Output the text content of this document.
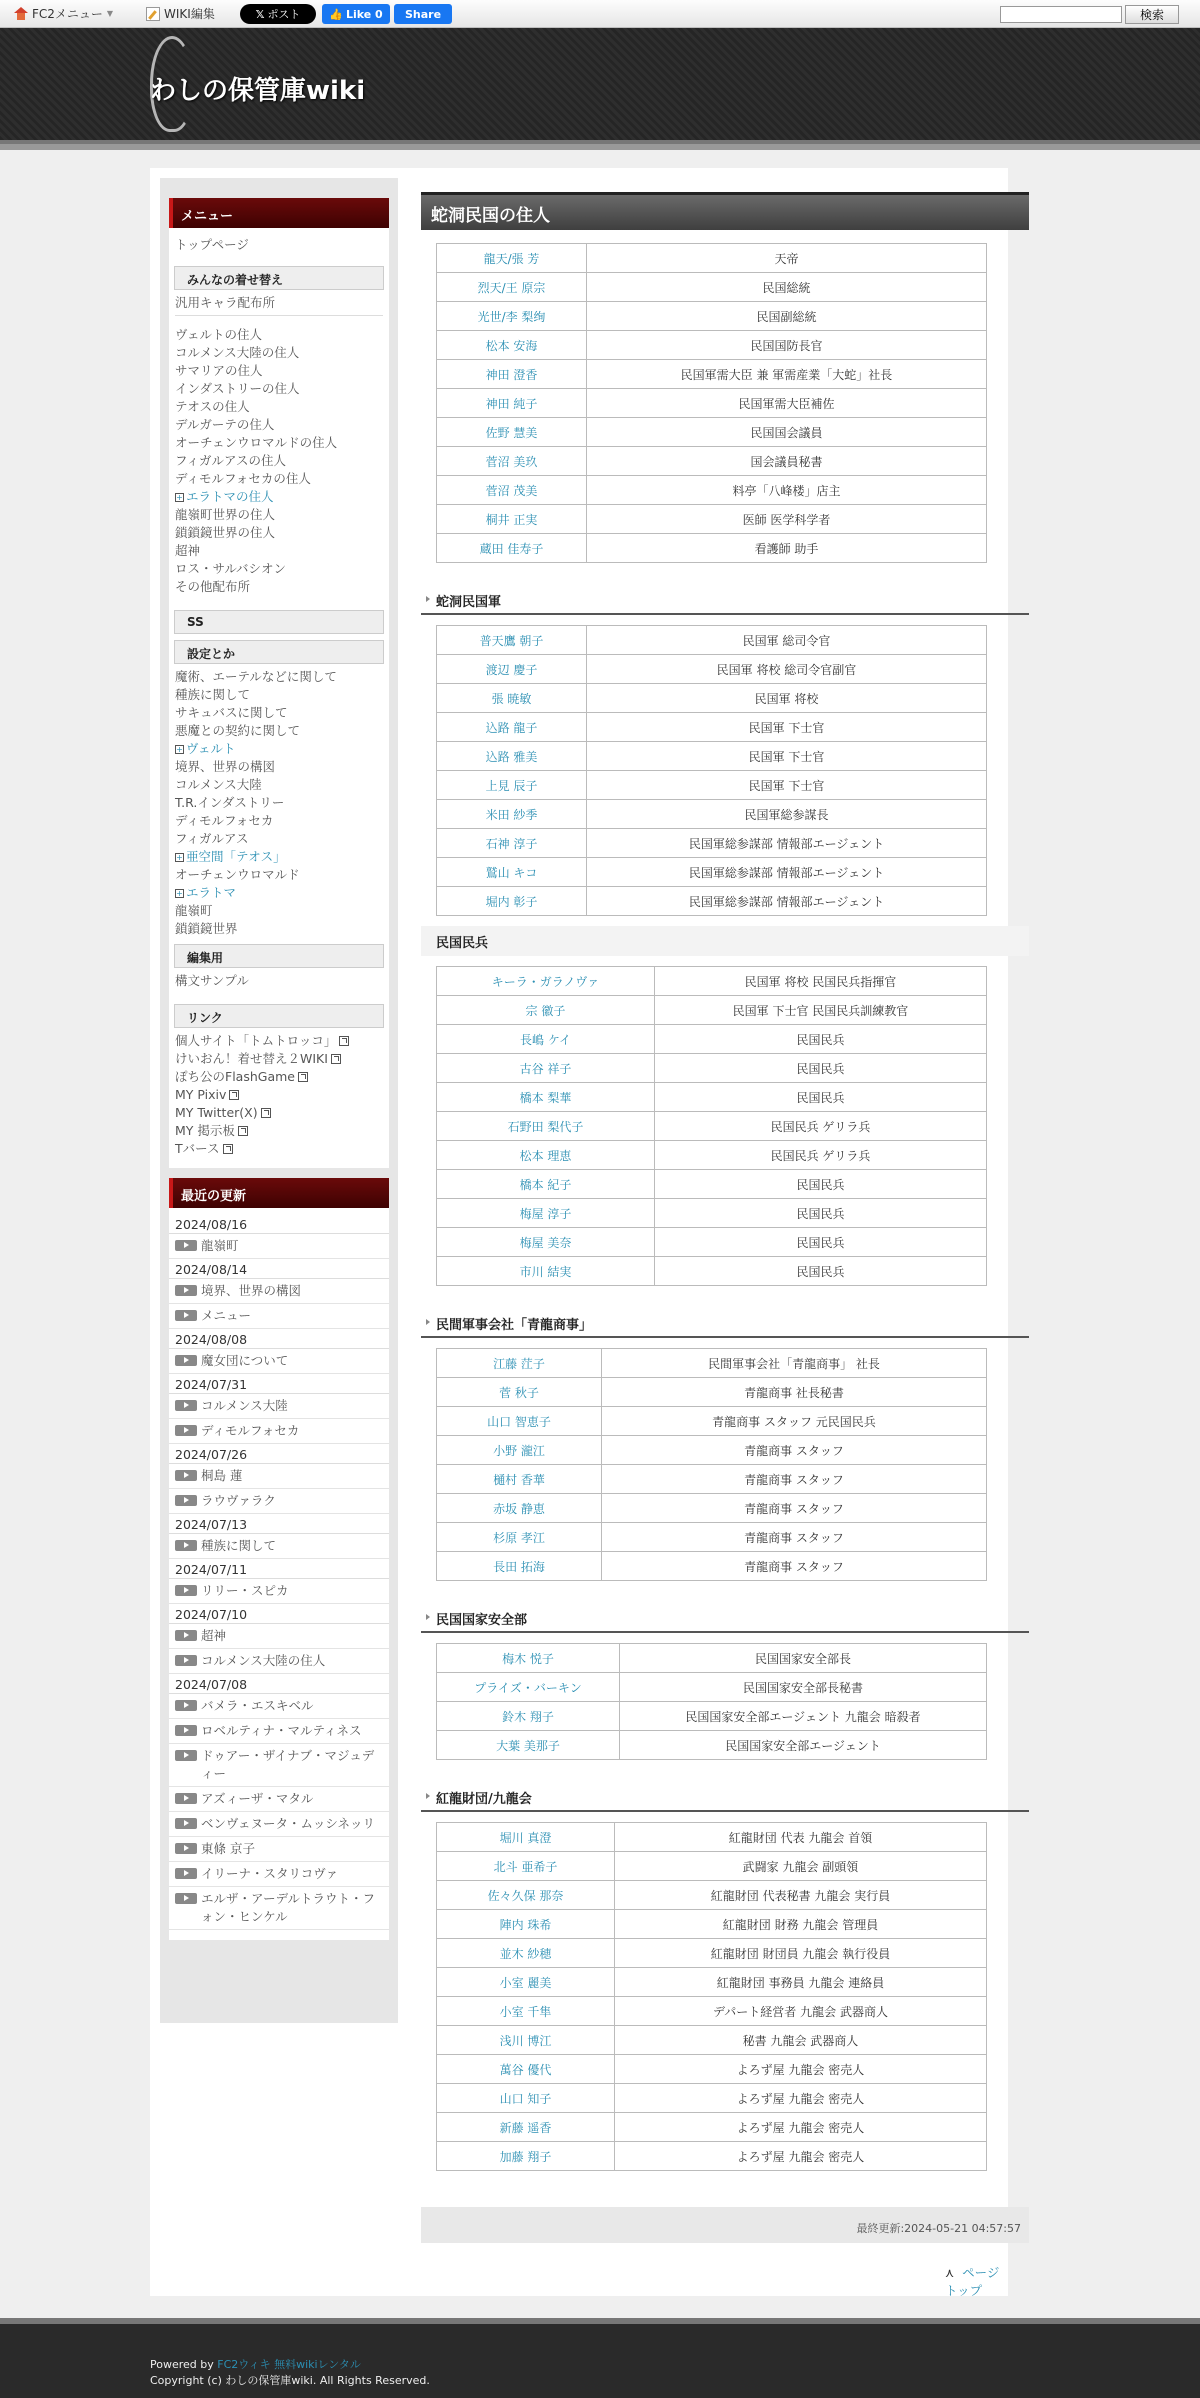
FC2メニュー ▼	WIKI編集	𝕏 ポスト	👍 Like 0	Share	検索
わしの保管庫wiki
メニュー
トップページ
みんなの着せ替え
汎用キャラ配布所
ヴェルトの住人
コルメンス大陸の住人
サマリアの住人
インダストリーの住人
テオスの住人
デルガーテの住人
オーチェンウロマルドの住人
フィガルアスの住人
ディモルフォセカの住人
+ エラトマの住人
龍嶺町世界の住人
鎖鎖鏡世界の住人
超神
ロス・サルバシオン
その他配布所
SS
設定とか
魔術、エーテルなどに関して
種族に関して
サキュバスに関して
悪魔との契約に関して
+ ヴェルト
境界、世界の構図
コルメンス大陸
T.R.インダストリー
ディモルフォセカ
フィガルアス
+ 亜空間「テオス」
オーチェンウロマルド
+ エラトマ
龍嶺町
鎖鎖鏡世界
編集用
構文サンプル
リンク
個人サイト「トムトロッコ」
けいおん！着せ替え２WIKI
ぽち公のFlashGame
MY Pixiv
MY Twitter(X)
MY 掲示板
Tバース
最近の更新
2024/08/16
龍嶺町
2024/08/14
境界、世界の構図
メニュー
2024/08/08
魔女団について
2024/07/31
コルメンス大陸
ディモルフォセカ
2024/07/26
桐島 蓮
ラウヴァラク
2024/07/13
種族に関して
2024/07/11
リリー・スピカ
2024/07/10
超神
コルメンス大陸の住人
2024/07/08
バメラ・エスキベル
ロベルティナ・マルティネス
ドゥアー・ザイナブ・マジュディー
アズィーザ・マタル
ベンヴェヌータ・ムッシネッリ
東條 京子
イリーナ・スタリコヴァ
エルザ・アーデルトラウト・フォン・ヒンケル
蛇洞民国の住人
龍天/張 芳	天帝
烈天/王 原宗	民国総統
光世/李 梨绚	民国副総統
松本 安海	民国国防長官
神田 澄香	民国軍需大臣 兼 軍需産業「大蛇」社長
神田 純子	民国軍需大臣補佐
佐野 慧美	民国国会議員
菅沼 美玖	国会議員秘書
菅沼 茂美	料亭「八峰楼」店主
桐井 正実	医師 医学科学者
蔵田 佳寿子	看護師 助手
蛇洞民国軍
普天鷹 朝子	民国軍 総司令官
渡辺 慶子	民国軍 将校 総司令官副官
張 暁敏	民国軍 将校
込路 龍子	民国軍 下士官
込路 雅美	民国軍 下士官
上見 辰子	民国軍 下士官
米田 紗季	民国軍総参謀長
石神 淳子	民国軍総参謀部 情報部エージェント
鷲山 キコ	民国軍総参謀部 情報部エージェント
堀内 彰子	民国軍総参謀部 情報部エージェント
民国民兵
キーラ・ガラノヴァ	民国軍 将校 民国民兵指揮官
宗 徽子	民国軍 下士官 民国民兵訓練教官
長嶋 ケイ	民国民兵
古谷 祥子	民国民兵
橋本 梨華	民国民兵
石野田 梨代子	民国民兵 ゲリラ兵
松本 理恵	民国民兵 ゲリラ兵
橋本 紀子	民国民兵
梅屋 淳子	民国民兵
梅屋 美奈	民国民兵
市川 結実	民国民兵
民間軍事会社「青龍商事」
江藤 茳子	民間軍事会社「青龍商事」 社長
菅 秋子	青龍商事 社長秘書
山口 智恵子	青龍商事 スタッフ 元民国民兵
小野 瀧江	青龍商事 スタッフ
樋村 香華	青龍商事 スタッフ
赤坂 静恵	青龍商事 スタッフ
杉原 孝江	青龍商事 スタッフ
長田 拓海	青龍商事 スタッフ
民国国家安全部
梅木 悦子	民国国家安全部長
プライズ・バーキン	民国国家安全部長秘書
鈴木 翔子	民国国家安全部エージェント 九龍会 暗殺者
大葉 美那子	民国国家安全部エージェント
紅龍財団/九龍会
堀川 真澄	紅龍財団 代表 九龍会 首領
北斗 亜希子	武闘家 九龍会 副頭領
佐々久保 那奈	紅龍財団 代表秘書 九龍会 実行員
陣内 珠希	紅龍財団 財務 九龍会 管理員
並木 紗穂	紅龍財団 財団員 九龍会 執行役員
小室 麗美	紅龍財団 事務員 九龍会 連絡員
小室 千隼	デパート経営者 九龍会 武器商人
浅川 博江	秘書 九龍会 武器商人
萬谷 優代	よろず屋 九龍会 密売人
山口 知子	よろず屋 九龍会 密売人
新藤 遥香	よろず屋 九龍会 密売人
加藤 翔子	よろず屋 九龍会 密売人
最終更新:2024-05-21 04:57:57
⋏ ページトップ
Powered by FC2ウィキ 無料wikiレンタル
Copyright (c) わしの保管庫wiki. All Rights Reserved.
